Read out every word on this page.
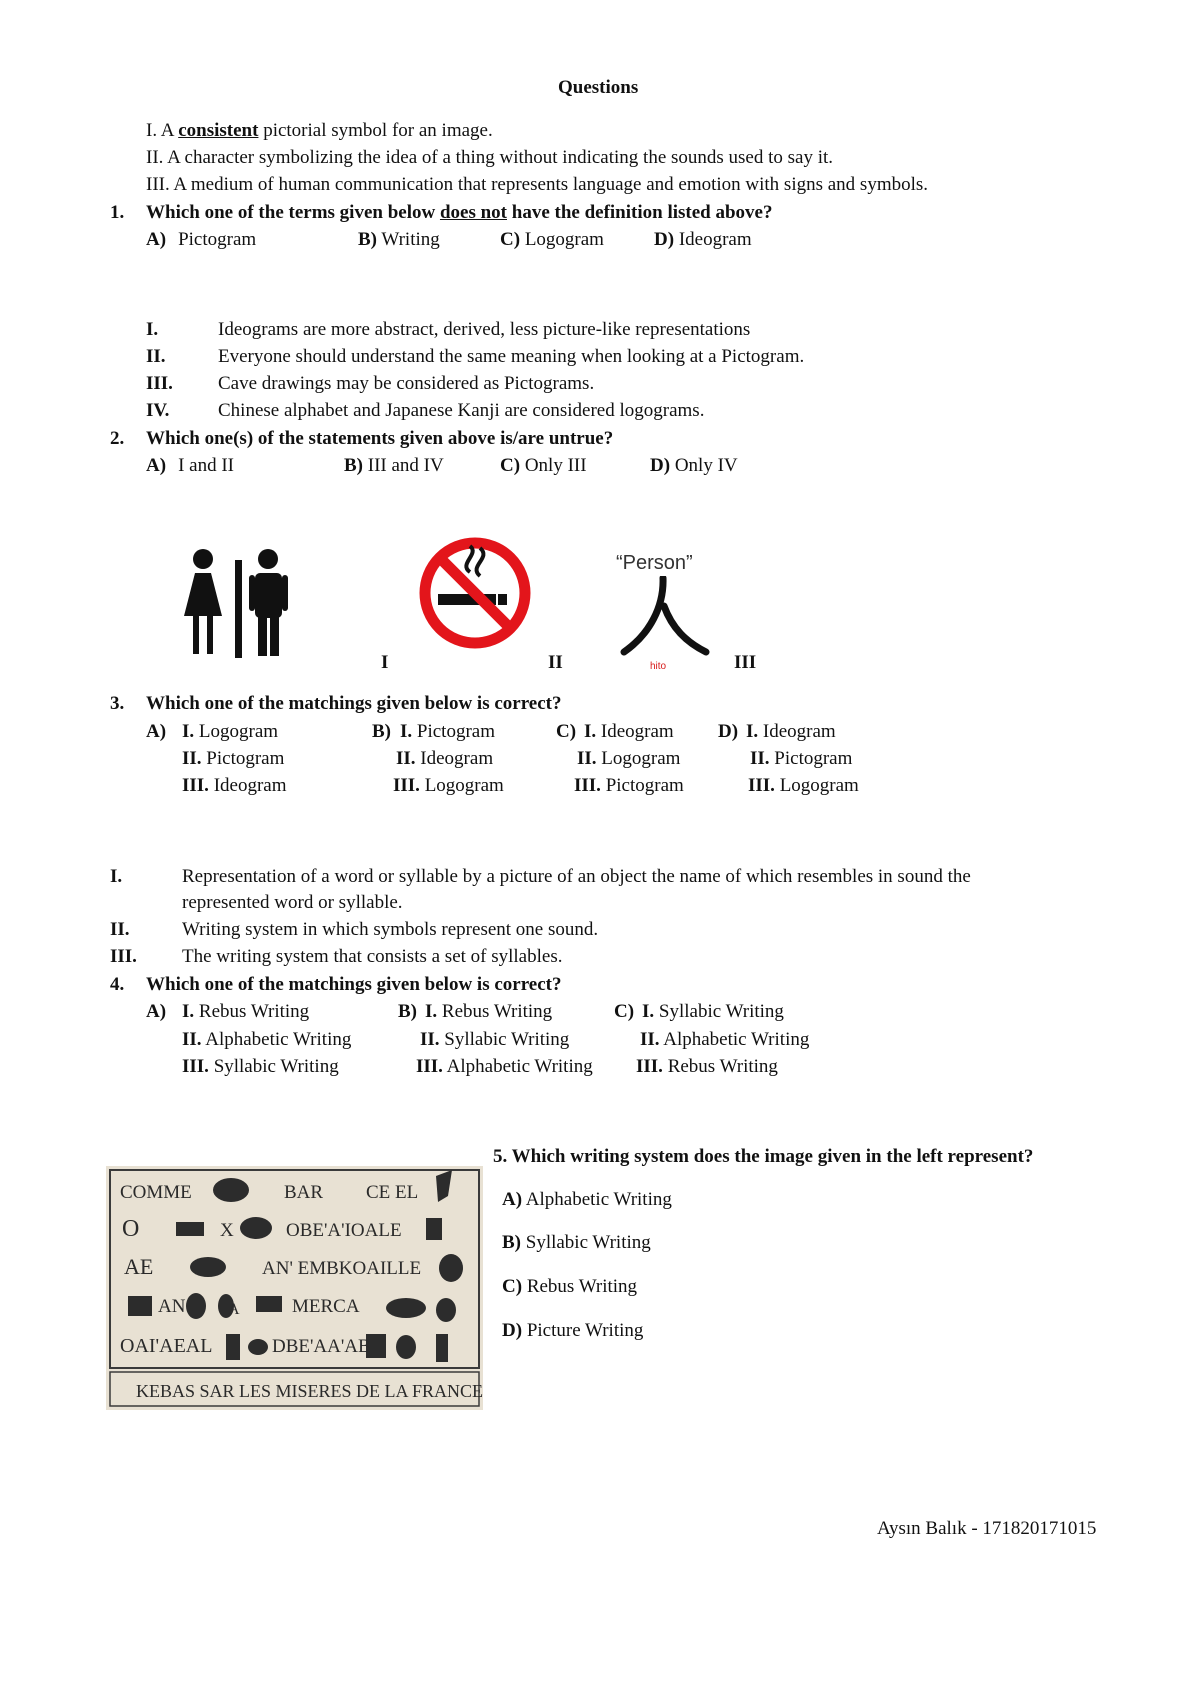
Questions
I. A consistent pictorial symbol for an image.
II. A character symbolizing the idea of a thing without indicating the sounds used to say it.
III. A medium of human communication that represents language and emotion with signs and symbols.
1. Which one of the terms given below does not have the definition listed above?
A) Pictogram	B) Writing	C) Logogram	D) Ideogram
I.	Ideograms are more abstract, derived, less picture-like representations
II.	Everyone should understand the same meaning when looking at a Pictogram.
III. Cave drawings may be considered as Pictograms.
IV.	Chinese alphabet and Japanese Kanji are considered logograms.
2. Which one(s) of the statements given above is/are untrue?
A) I and II	B) III and IV	C) Only III	D) Only IV
“Person”
hito
I	II	III
3. Which one of the matchings given below is correct?
A) I. Logogram
II. Pictogram
III. Ideogram
B) I. Pictogram
II. Ideogram
III. Logogram
C) I. Ideogram
II. Logogram
III. Pictogram
D) I. Ideogram
II. Pictogram
III. Logogram
I.	Representation of a word or syllable by a picture of an object the name of which resembles in sound the
represented word or syllable.
II.	Writing system in which symbols represent one sound.
III. The writing system that consists a set of syllables.
4. Which one of the matchings given below is correct?
A) I. Rebus Writing
II. Alphabetic Writing
III. Syllabic Writing
B) I. Rebus Writing
II. Syllabic Writing
III. Alphabetic Writing
C) I. Syllabic Writing
II. Alphabetic Writing
III. Rebus Writing
COMME	BAR CE EL
O	X	OBE'A'IOALE
AE	AN' EMBKOAILLE
AN	A	MERCA
OAI'AEAL	DBE'AA'AB
KEBAS SAR LES MISERES DE LA FRANCE
5. Which writing system does the image given in the left represent?
A) Alphabetic Writing
B) Syllabic Writing
C) Rebus Writing
D) Picture Writing
Aysın Balık - 171820171015
